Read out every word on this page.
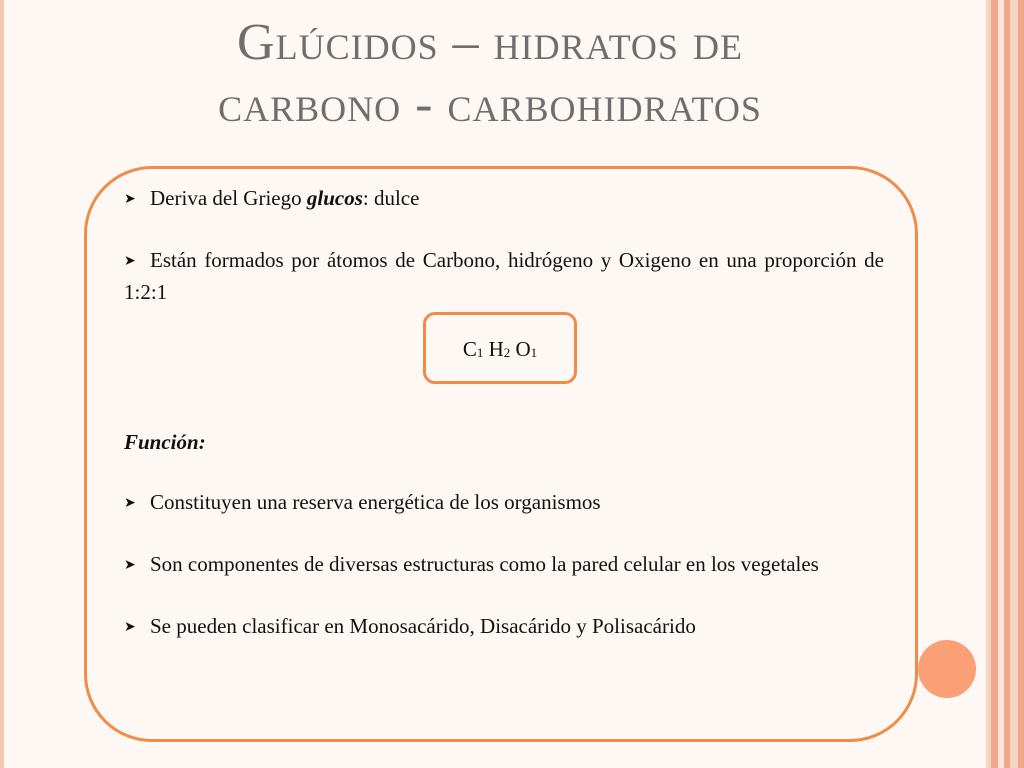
Glúcidos – hidratos de
carbono - carbohidratos

➤ Deriva del Griego glucos: dulce

➤ Están formados por átomos de Carbono, hidrógeno y Oxigeno en una proporción de 1:2:1

Función:

➤ Constituyen una reserva energética de los organismos

➤ Son componentes de diversas estructuras como la pared celular en los vegetales

➤ Se pueden clasificar en Monosacárido, Disacárido y Polisacárido

$C_1$ $H_2$ $O_1$
